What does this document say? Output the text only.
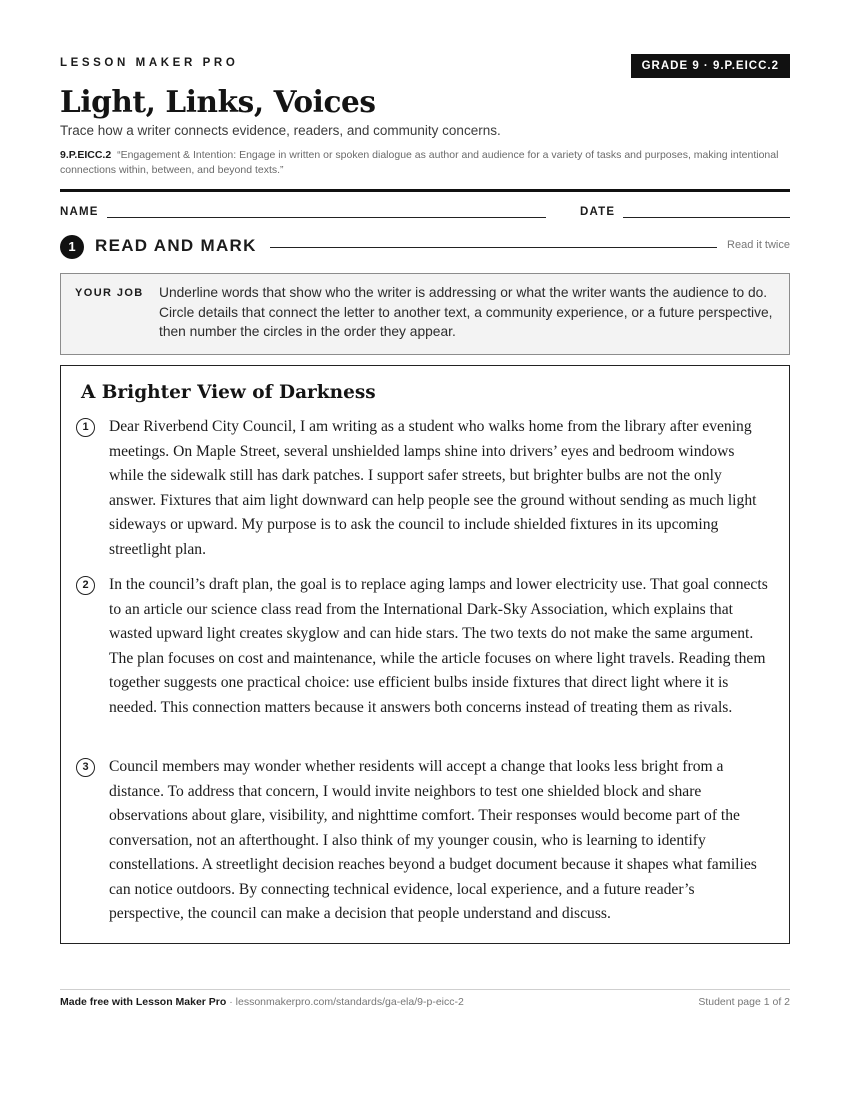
LESSON MAKER PRO	GRADE 9 · 9.P.EICC.2
Light, Links, Voices
Trace how a writer connects evidence, readers, and community concerns.
9.P.EICC.2 “Engagement & Intention: Engage in written or spoken dialogue as author and audience for a variety of tasks and purposes, making intentional connections within, between, and beyond texts.”
NAME	DATE
1	READ AND MARK	Read it twice
YOUR JOB Underline words that show who the writer is addressing or what the writer wants the audience to do. Circle details that connect the letter to another text, a community experience, or a future perspective, then number the circles in the order they appear.
A Brighter View of Darkness
1	Dear Riverbend City Council, I am writing as a student who walks home from the library after evening meetings. On Maple Street, several unshielded lamps shine into drivers’ eyes and bedroom windows while the sidewalk still has dark patches. I support safer streets, but brighter bulbs are not the only answer. Fixtures that aim light downward can help people see the ground without sending as much light sideways or upward. My purpose is to ask the council to include shielded fixtures in its upcoming streetlight plan.
2	In the council’s draft plan, the goal is to replace aging lamps and lower electricity use. That goal connects to an article our science class read from the International Dark-Sky Association, which explains that wasted upward light creates skyglow and can hide stars. The two texts do not make the same argument. The plan focuses on cost and maintenance, while the article focuses on where light travels. Reading them together suggests one practical choice: use efficient bulbs inside fixtures that direct light where it is needed. This connection matters because it answers both concerns instead of treating them as rivals.
3	Council members may wonder whether residents will accept a change that looks less bright from a distance. To address that concern, I would invite neighbors to test one shielded block and share observations about glare, visibility, and nighttime comfort. Their responses would become part of the conversation, not an afterthought. I also think of my younger cousin, who is learning to identify constellations. A streetlight decision reaches beyond a budget document because it shapes what families can notice outdoors. By connecting technical evidence, local experience, and a future reader’s perspective, the council can make a decision that people understand and discuss.
Made free with Lesson Maker Pro · lessonmakerpro.com/standards/ga-ela/9-p-eicc-2	Student page 1 of 2
